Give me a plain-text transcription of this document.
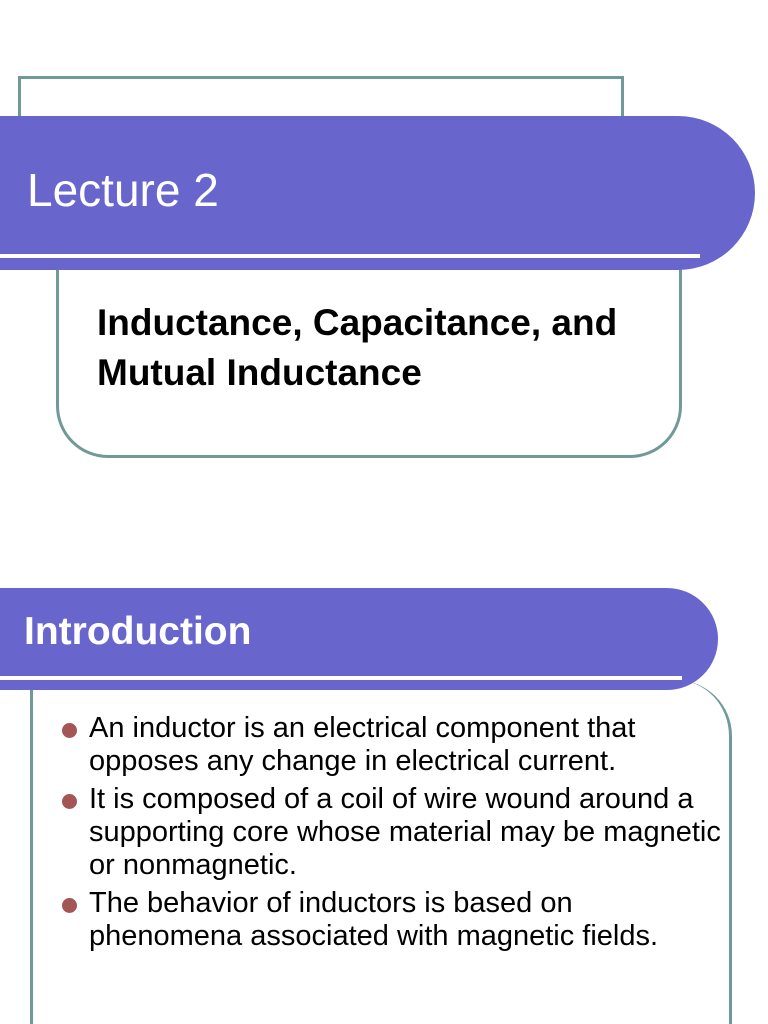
Lecture 2
Inductance, Capacitance, and Mutual Inductance
Introduction
An inductor is an electrical component that opposes any change in electrical current.
It is composed of a coil of wire wound around a supporting core whose material may be magnetic or nonmagnetic.
The behavior of inductors is based on phenomena associated with magnetic fields.
